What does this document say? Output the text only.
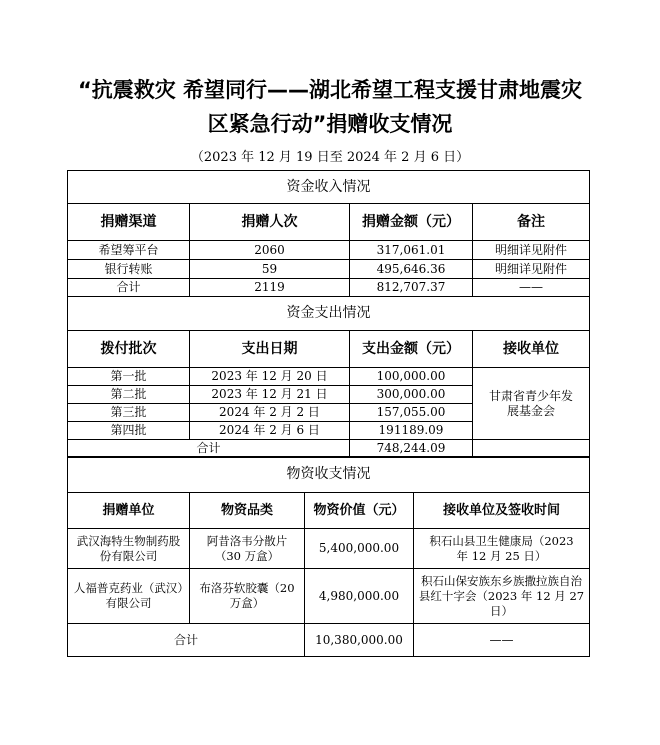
“抗震救灾 希望同行——湖北希望工程支援甘肃地震灾
区紧急行动”捐赠收支情况
（2023 年 12 月 19 日至 2024 年 2 月 6 日）
资金收入情况			
捐赠渠道	捐赠人次	捐赠金额（元）	备注
希望筹平台	2060	317,061.01	明细详见附件
银行转账	59	495,646.36	明细详见附件
合计	2119	812,707.37	——
资金支出情况			
拨付批次	支出日期	支出金额（元）	接收单位
第一批	2023 年 12 月 20 日	100,000.00	甘肃省青少年发展基金会
第二批	2023 年 12 月 21 日	300,000.00	
第三批	2024 年 2 月 2 日	157,055.00	
第四批	2024 年 2 月 6 日	191189.09	
合计		748,244.09	
物资收支情况			
捐赠单位	物资品类	物资价值（元）	接收单位及签收时间
武汉海特生物制药股份有限公司	阿昔洛韦分散片（30 万盒）	5,400,000.00	积石山县卫生健康局（2023 年 12 月 25 日）
人福普克药业（武汉）有限公司	布洛芬软胶囊（20 万盒）	4,980,000.00	积石山保安族东乡族撒拉族自治县红十字会（2023 年 12 月 27 日）
合计		10,380,000.00	——
